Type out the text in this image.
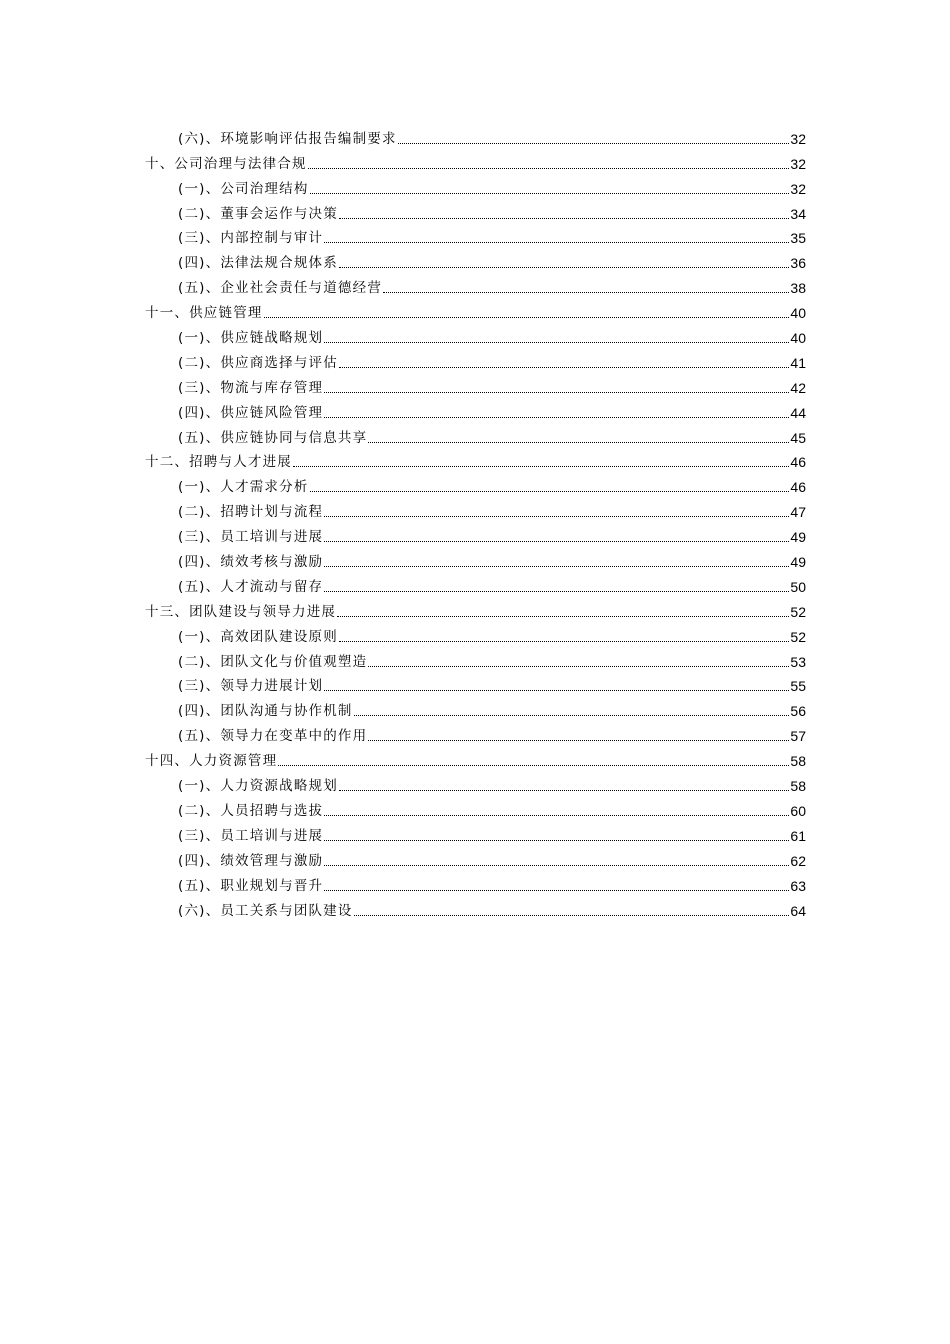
(六)、环境影响评估报告编制要求	32
十、公司治理与法律合规	32
(一)、公司治理结构	32
(二)、董事会运作与决策	34
(三)、内部控制与审计	35
(四)、法律法规合规体系	36
(五)、企业社会责任与道德经营	38
十一、供应链管理	40
(一)、供应链战略规划	40
(二)、供应商选择与评估	41
(三)、物流与库存管理	42
(四)、供应链风险管理	44
(五)、供应链协同与信息共享	45
十二、招聘与人才进展	46
(一)、人才需求分析	46
(二)、招聘计划与流程	47
(三)、员工培训与进展	49
(四)、绩效考核与激励	49
(五)、人才流动与留存	50
十三、团队建设与领导力进展	52
(一)、高效团队建设原则	52
(二)、团队文化与价值观塑造	53
(三)、领导力进展计划	55
(四)、团队沟通与协作机制	56
(五)、领导力在变革中的作用	57
十四、人力资源管理	58
(一)、人力资源战略规划	58
(二)、人员招聘与选拔	60
(三)、员工培训与进展	61
(四)、绩效管理与激励	62
(五)、职业规划与晋升	63
(六)、员工关系与团队建设	64
